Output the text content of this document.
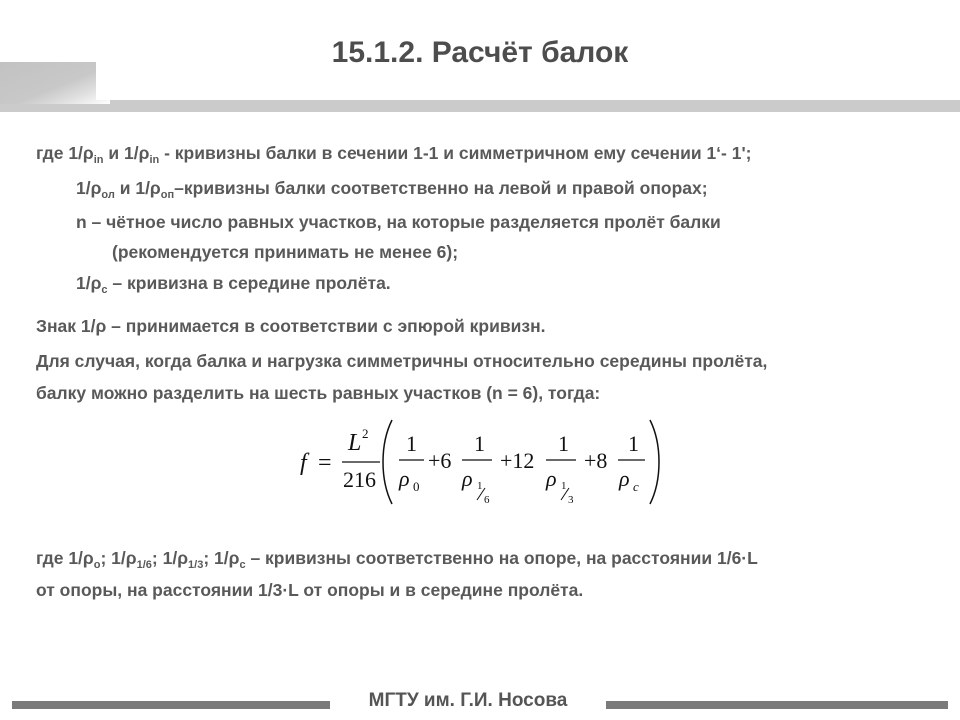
15.1.2. Расчёт балок
где $1/\rho_{in}$ и $1/\rho_{in}$ - кривизны балки в сечении 1-1 и симметричном ему сечении 1‘- 1';
$1/\rho_{ол}$ и $1/\rho_{оп}$–кривизны балки соответственно на левой и правой опорах;
n – чётное число равных участков, на которые разделяется пролёт балки
(рекомендуется принимать не менее 6);
$1/\rho_с$ – кривизна в середине пролёта.
Знак 1/ρ – принимается в соответствии с эпюрой кривизн.
Для случая, когда балка и нагрузка симметричны относительно середины пролёта,
балку можно разделить на шесть равных участков (n = 6), тогда:
f =
L 2
216
1
ρ 0
+6
1
ρ 1
6
+12
1
ρ 1
3
+8
1
ρ c
где $1/\rho_о$; $1/\rho_{1/6}$; $1/\rho_{1/3}$; $1/\rho_с$ – кривизны соответственно на опоре, на расстоянии 1/6·L
от опоры, на расстоянии 1/3·L от опоры и в середине пролёта.
МГТУ им. Г.И. Носова
